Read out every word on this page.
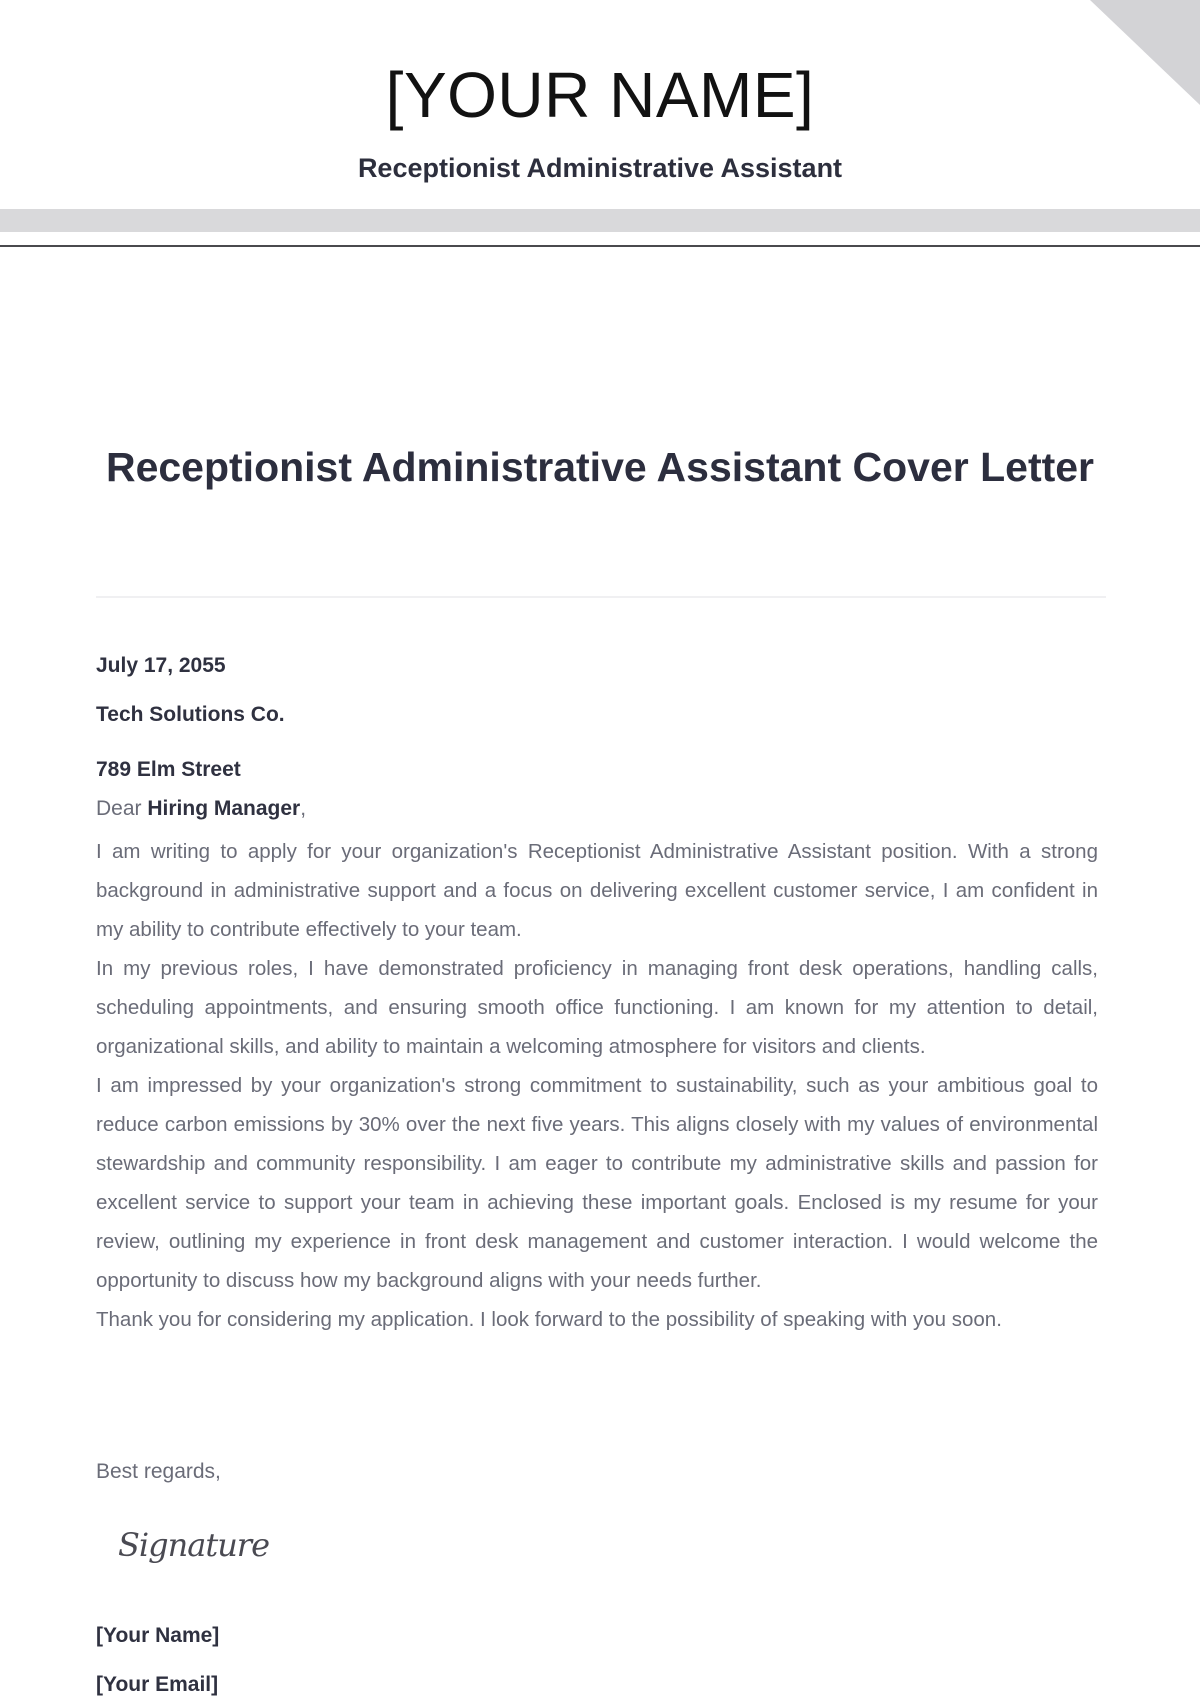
[YOUR NAME]
Receptionist Administrative Assistant
Receptionist Administrative Assistant Cover Letter

July 17, 2055

Tech Solutions Co.

789 Elm Street

Dear Hiring Manager,

I am writing to apply for your organization's Receptionist Administrative Assistant position. With a strong background in administrative support and a focus on delivering excellent customer service, I am confident in my ability to contribute effectively to your team.

In my previous roles, I have demonstrated proficiency in managing front desk operations, handling calls, scheduling appointments, and ensuring smooth office functioning. I am known for my attention to detail, organizational skills, and ability to maintain a welcoming atmosphere for visitors and clients.

I am impressed by your organization's strong commitment to sustainability, such as your ambitious goal to reduce carbon emissions by 30% over the next five years. This aligns closely with my values of environmental stewardship and community responsibility. I am eager to contribute my administrative skills and passion for excellent service to support your team in achieving these important goals. Enclosed is my resume for your review, outlining my experience in front desk management and customer interaction. I would welcome the opportunity to discuss how my background aligns with your needs further.

Thank you for considering my application. I look forward to the possibility of speaking with you soon.

Best regards,

Signature

[Your Name]

[Your Email]
